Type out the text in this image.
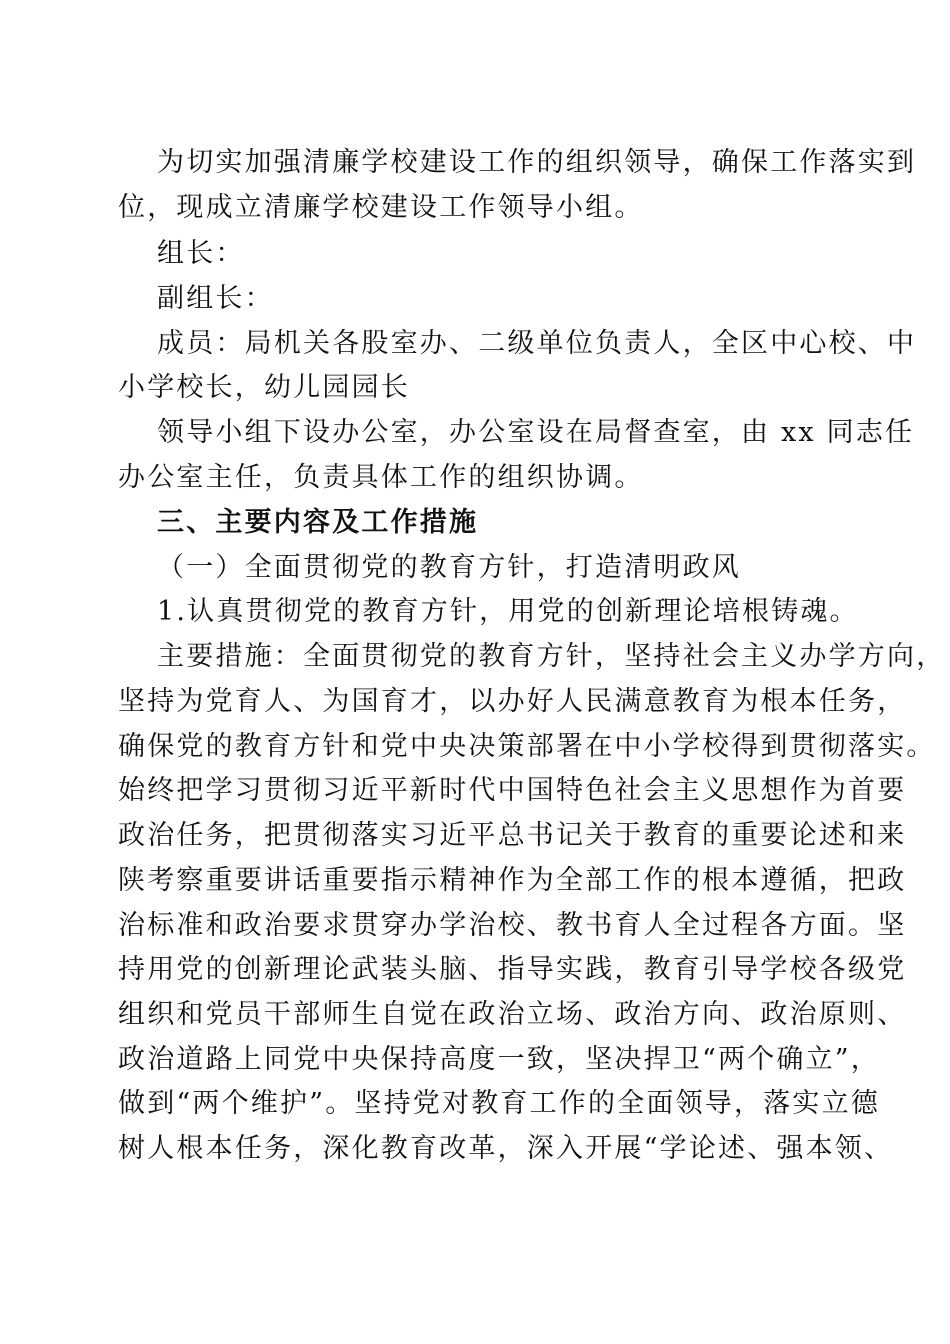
为切实加强清廉学校建设工作的组织领导，确保工作落实到
位，现成立清廉学校建设工作领导小组。
组长：
副组长：
成员：局机关各股室办、二级单位负责人，全区中心校、中
小学校长，幼儿园园长
领导小组下设办公室，办公室设在局督查室，由 xx 同志任
办公室主任，负责具体工作的组织协调。
三、主要内容及工作措施
（一）全面贯彻党的教育方针，打造清明政风
1.认真贯彻党的教育方针，用党的创新理论培根铸魂。
主要措施：全面贯彻党的教育方针，坚持社会主义办学方向，
坚持为党育人、为国育才，以办好人民满意教育为根本任务，
确保党的教育方针和党中央决策部署在中小学校得到贯彻落实。
始终把学习贯彻习近平新时代中国特色社会主义思想作为首要
政治任务，把贯彻落实习近平总书记关于教育的重要论述和来
陕考察重要讲话重要指示精神作为全部工作的根本遵循，把政
治标准和政治要求贯穿办学治校、教书育人全过程各方面。坚
持用党的创新理论武装头脑、指导实践，教育引导学校各级党
组织和党员干部师生自觉在政治立场、政治方向、政治原则、
政治道路上同党中央保持高度一致，坚决捍卫“两个确立”，
做到“两个维护”。坚持党对教育工作的全面领导，落实立德
树人根本任务，深化教育改革，深入开展“学论述、强本领、
